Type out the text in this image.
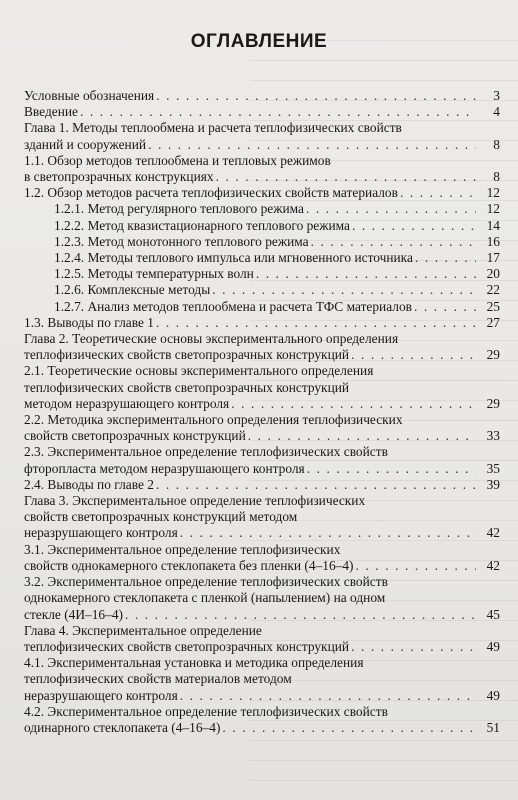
ОГЛАВЛЕНИЕ
Условные обозначения . . .	3
Введение . . .	4
Глава 1. Методы теплообмена и расчета теплофизических свойств
зданий и сооружений . . .	8
1.1. Обзор методов теплообмена и тепловых режимов
в светопрозрачных конструкциях . . .	8
1.2. Обзор методов расчета теплофизических свойств материалов . . .	12
1.2.1. Метод регулярного теплового режима . . .	12
1.2.2. Метод квазистационарного теплового режима . . .	14
1.2.3. Метод монотонного теплового режима . . .	16
1.2.4. Методы теплового импульса или мгновенного источника . . .	17
1.2.5. Методы температурных волн . . .	20
1.2.6. Комплексные методы . . .	22
1.2.7. Анализ методов теплообмена и расчета ТФС материалов . . .	25
1.3. Выводы по главе 1 . . .	27
Глава 2. Теоретические основы экспериментального определения
теплофизических свойств светопрозрачных конструкций . . .	29
2.1. Теоретические основы экспериментального определения
теплофизических свойств светопрозрачных конструкций
методом неразрушающего контроля . . .	29
2.2. Методика экспериментального определения теплофизических
свойств светопрозрачных конструкций . . .	33
2.3. Экспериментальное определение теплофизических свойств
фторопласта методом неразрушающего контроля . . .	35
2.4. Выводы по главе 2 . . .	39
Глава 3. Экспериментальное определение теплофизических
свойств светопрозрачных конструкций методом
неразрушающего контроля . . .	42
3.1. Экспериментальное определение теплофизических
свойств однокамерного стеклопакета без пленки (4–16–4) . . .	42
3.2. Экспериментальное определение теплофизических свойств
однокамерного стеклопакета с пленкой (напылением) на одном
стекле (4И–16–4) . . .	45
Глава 4. Экспериментальное определение
теплофизических свойств светопрозрачных конструкций . . .	49
4.1. Экспериментальная установка и методика определения
теплофизических свойств материалов методом
неразрушающего контроля . . .	49
4.2. Экспериментальное определение теплофизических свойств
одинарного стеклопакета (4–16–4) . . .	51
